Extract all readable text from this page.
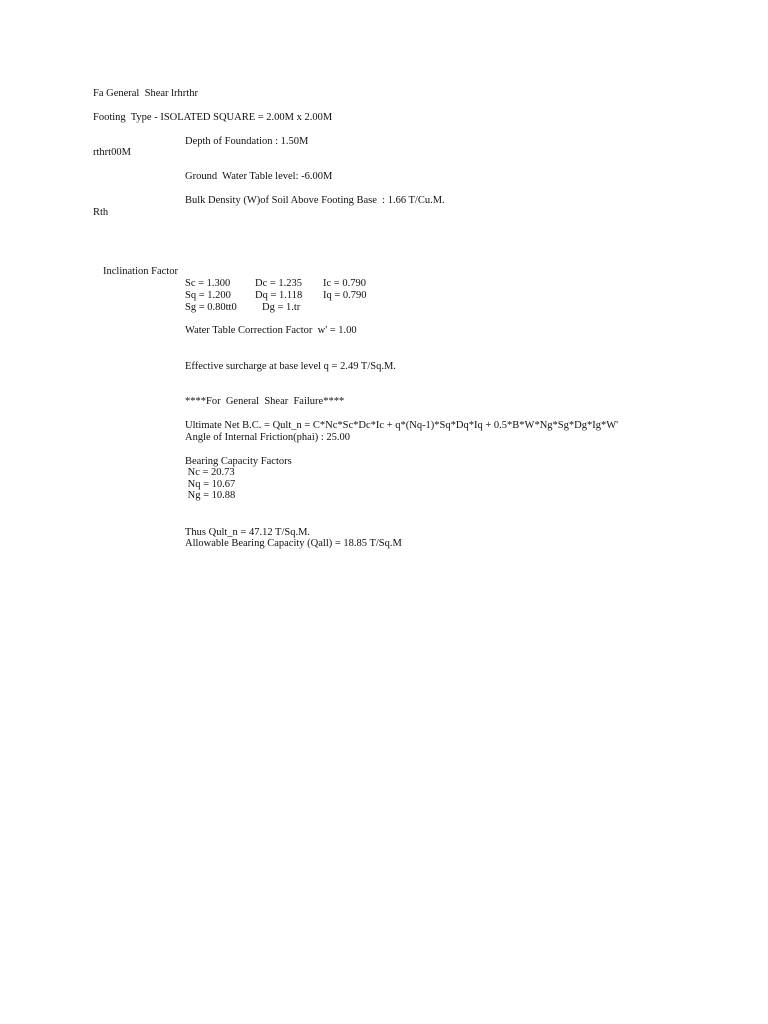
Fa General  Shear lrhrthr
Footing  Type - ISOLATED SQUARE = 2.00M x 2.00M
Depth of Foundation : 1.50M
rthrt00M
Ground  Water Table level: -6.00M
Bulk Density (W)of Soil Above Footing Base  : 1.66 T/Cu.M.
Rth
Inclination Factor
Sc = 1.300 Dc = 1.235 Ic = 0.790
Sq = 1.200 Dq = 1.118 Iq = 0.790
Sg = 0.80tt0 Dg = 1.tr
Water Table Correction Factor  w' = 1.00
Effective surcharge at base level q = 2.49 T/Sq.M.
****For  General  Shear  Failure****
Ultimate Net B.C. = Qult_n = C*Nc*Sc*Dc*Ic + q*(Nq-1)*Sq*Dq*Iq + 0.5*B*W*Ng*Sg*Dg*Ig*W'
Angle of Internal Friction(phai) : 25.00
Bearing Capacity Factors
Nc = 20.73
Nq = 10.67
Ng = 10.88
Thus Qult_n = 47.12 T/Sq.M.
Allowable Bearing Capacity (Qall) = 18.85 T/Sq.M
